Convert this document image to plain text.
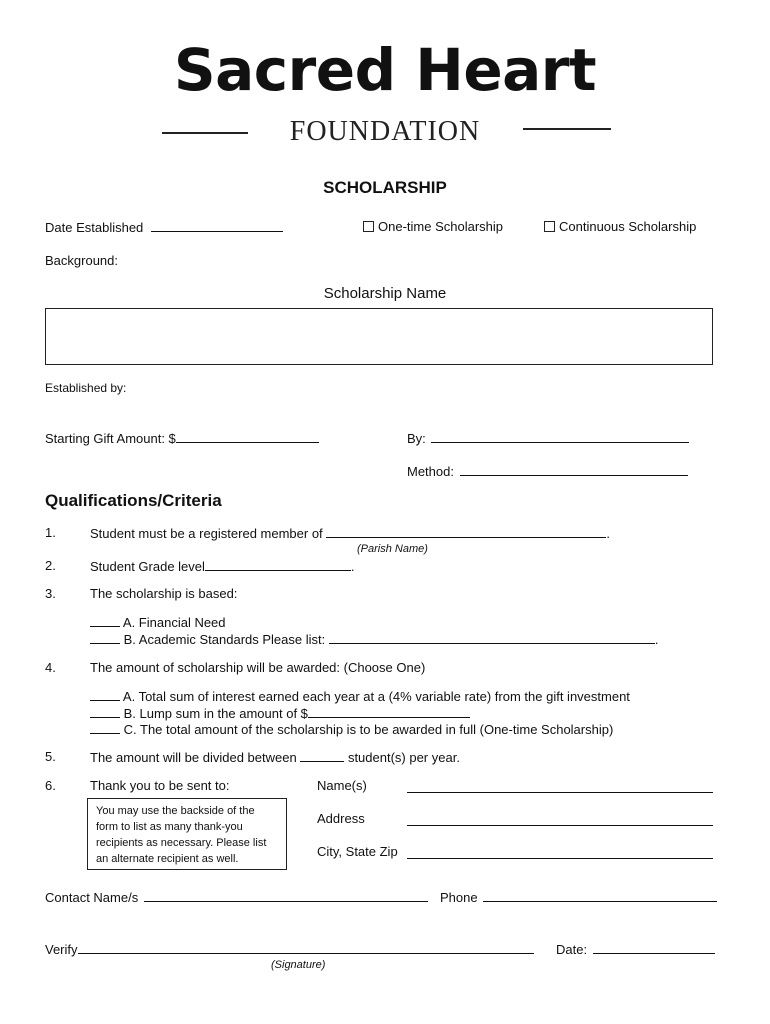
Sacred Heart
FOUNDATION
SCHOLARSHIP
Date Established	One-time Scholarship	Continuous Scholarship
Background:
Scholarship Name
Established by:
Starting Gift Amount: $	By:
Method:
Qualifications/Criteria
1.	Student must be a registered member of	.
(Parish Name)
2.	Student Grade level	.
3.	The scholarship is based:
A. Financial Need
B. Academic Standards Please list:	.
4.	The amount of scholarship will be awarded: (Choose One)
A. Total sum of interest earned each year at a (4% variable rate) from the gift investment
B. Lump sum in the amount of $
C. The total amount of the scholarship is to be awarded in full (One-time Scholarship)
5.	The amount will be divided between	student(s) per year.
6.	Thank you to be sent to:
You may use the backside of the form to list as many thank-you recipients as necessary. Please list an alternate recipient as well.
Name(s)
Address
City, State Zip
Contact Name/s	Phone
Verify	Date:
(Signature)
